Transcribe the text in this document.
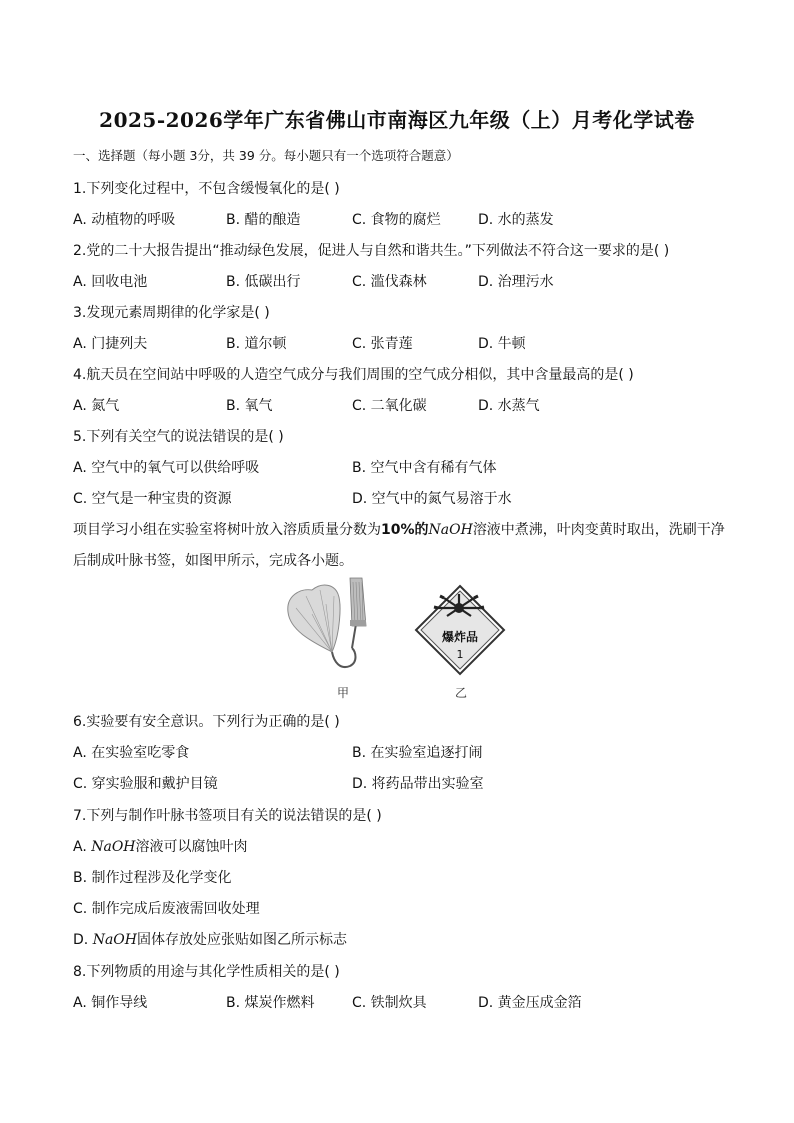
2025-2026学年广东省佛山市南海区九年级（上）月考化学试卷
一、选择题（每小题 3分，共 39 分。每小题只有一个选项符合题意）
1.下列变化过程中，不包含缓慢氧化的是( )
A. 动植物的呼吸	B. 醋的酿造	C. 食物的腐烂	D. 水的蒸发
2.党的二十大报告提出“推动绿色发展，促进人与自然和谐共生。”下列做法不符合这一要求的是( )
A. 回收电池	B. 低碳出行	C. 滥伐森林	D. 治理污水
3.发现元素周期律的化学家是( )
A. 门捷列夫	B. 道尔顿	C. 张青莲	D. 牛顿
4.航天员在空间站中呼吸的人造空气成分与我们周围的空气成分相似，其中含量最高的是( )
A. 氮气	B. 氧气	C. 二氧化碳	D. 水蒸气
5.下列有关空气的说法错误的是( )
A. 空气中的氧气可以供给呼吸	B. 空气中含有稀有气体
C. 空气是一种宝贵的资源	D. 空气中的氮气易溶于水
项目学习小组在实验室将树叶放入溶质质量分数为10%的NaOH溶液中煮沸，叶肉变黄时取出，洗刷干净
后制成叶脉书签，如图甲所示，完成各小题。
甲
爆炸品
1
乙
6.实验要有安全意识。下列行为正确的是( )
A. 在实验室吃零食	B. 在实验室追逐打闹
C. 穿实验服和戴护目镜	D. 将药品带出实验室
7.下列与制作叶脉书签项目有关的说法错误的是( )
A. NaOH溶液可以腐蚀叶肉
B. 制作过程涉及化学变化
C. 制作完成后废液需回收处理
D. NaOH固体存放处应张贴如图乙所示标志
8.下列物质的用途与其化学性质相关的是( )
A. 铜作导线	B. 煤炭作燃料	C. 铁制炊具	D. 黄金压成金箔
